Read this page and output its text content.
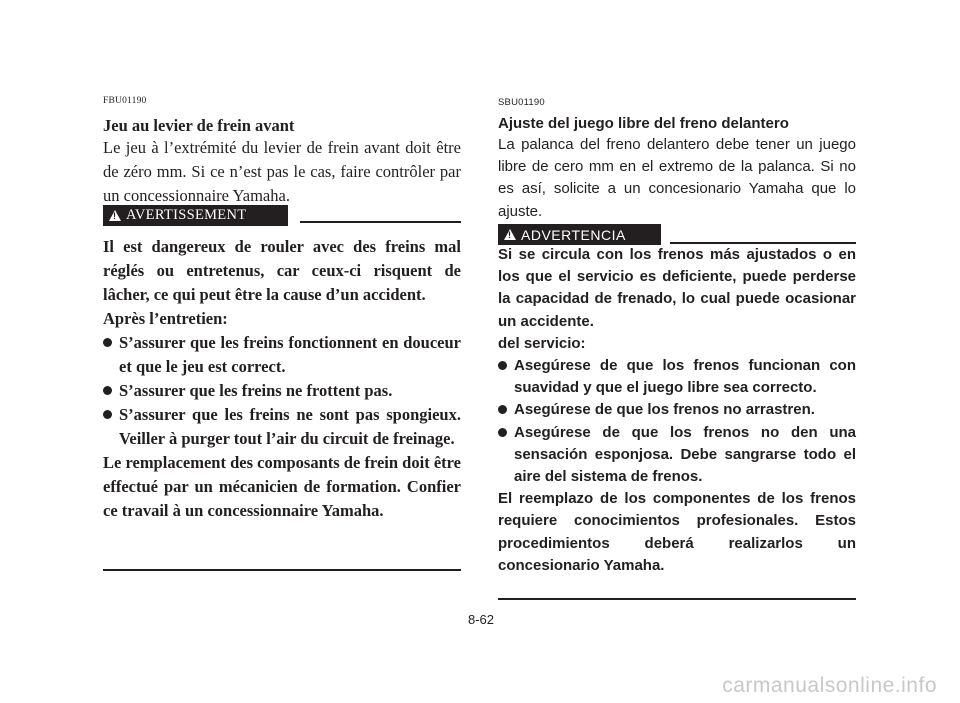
FBU01190
Jeu au levier de frein avant

Le jeu à l’extrémité du levier de frein avant doit être de zéro mm. Si ce n’est pas le cas, faire contrôler par un concessionnaire Yamaha.

!
AVERTISSEMENT

Il est dangereux de rouler avec des freins mal réglés ou entretenus, car ceux-ci risquent de lâcher, ce qui peut être la cause d’un accident.

Après l’entretien:

S’assurer que les freins fonctionnent en douceur et que le jeu est correct.
S’assurer que les freins ne frottent pas.
S’assurer que les freins ne sont pas spongieux. Veiller à purger tout l’air du circuit de freinage.

Le remplacement des composants de frein doit être effectué par un mécanicien de formation. Confier ce travail à un concessionnaire Yamaha.

SBU01190
Ajuste del juego libre del freno delantero

La palanca del freno delantero debe tener un juego libre de cero mm en el extremo de la palanca. Si no es así, solicite a un concesionario Yamaha que lo ajuste.

!
ADVERTENCIA

Si se circula con los frenos más ajustados o en los que el servicio es deficiente, puede perderse la capacidad de frenado, lo cual puede ocasionar un accidente.

del servicio:

Asegúrese de que los frenos funcionan con suavidad y que el juego libre sea correcto.
Asegúrese de que los frenos no arrastren.
Asegúrese de que los frenos no den una sensación esponjosa. Debe sangrarse todo el aire del sistema de frenos.

El reemplazo de los componentes de los frenos requiere conocimientos profesionales. Estos procedimientos deberá realizarlos un concesionario Yamaha.

8-62
carmanualsonline.info
